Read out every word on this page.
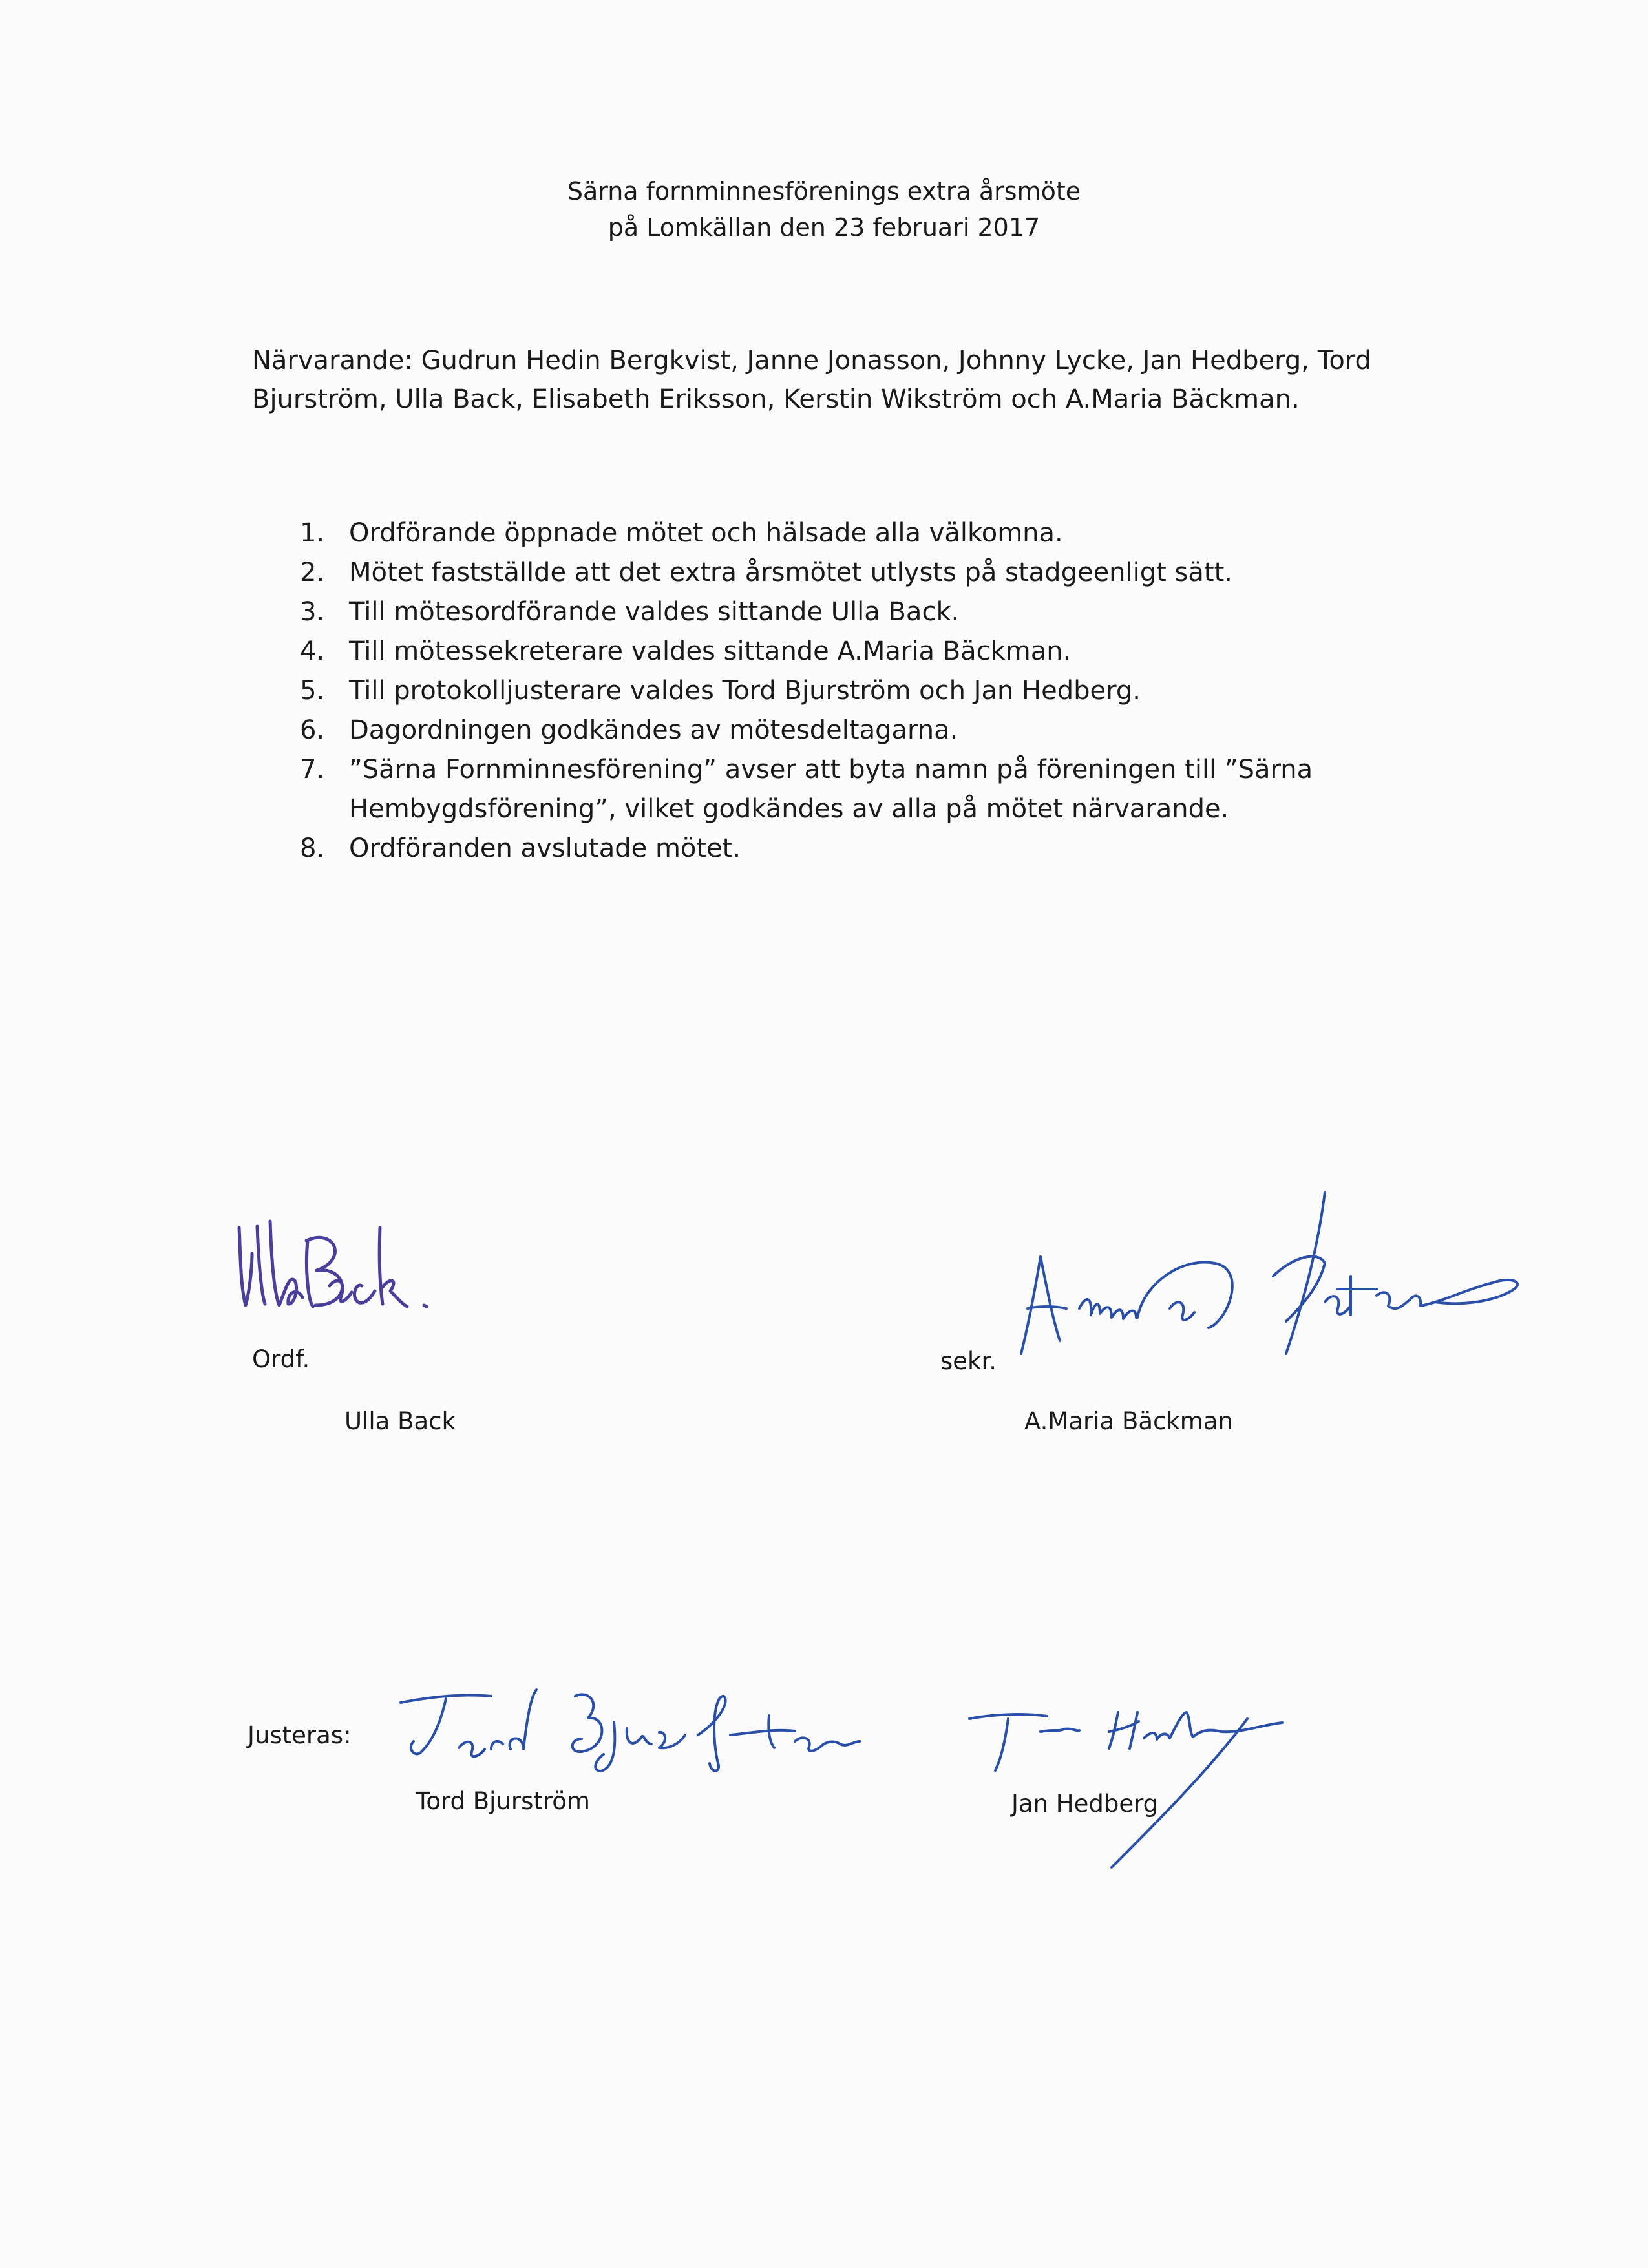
Särna fornminnesförenings extra årsmöte
på Lomkällan den 23 februari 2017
Närvarande: Gudrun Hedin Bergkvist, Janne Jonasson, Johnny Lycke, Jan Hedberg, Tord Bjurström, Ulla Back, Elisabeth Eriksson, Kerstin Wikström och A.Maria Bäckman.
1. Ordförande öppnade mötet och hälsade alla välkomna.
2. Mötet fastställde att det extra årsmötet utlysts på stadgeenligt sätt.
3. Till mötesordförande valdes sittande Ulla Back.
4. Till mötessekreterare valdes sittande A.Maria Bäckman.
5. Till protokolljusterare valdes Tord Bjurström och Jan Hedberg.
6. Dagordningen godkändes av mötesdeltagarna.
7. ”Särna Fornminnesförening” avser att byta namn på föreningen till ”Särna Hembygdsförening”, vilket godkändes av alla på mötet närvarande.
8. Ordföranden avslutade mötet.
Ordf.
Ulla Back
sekr.
A.Maria Bäckman
Justeras:
Tord Bjurström	Jan Hedberg
